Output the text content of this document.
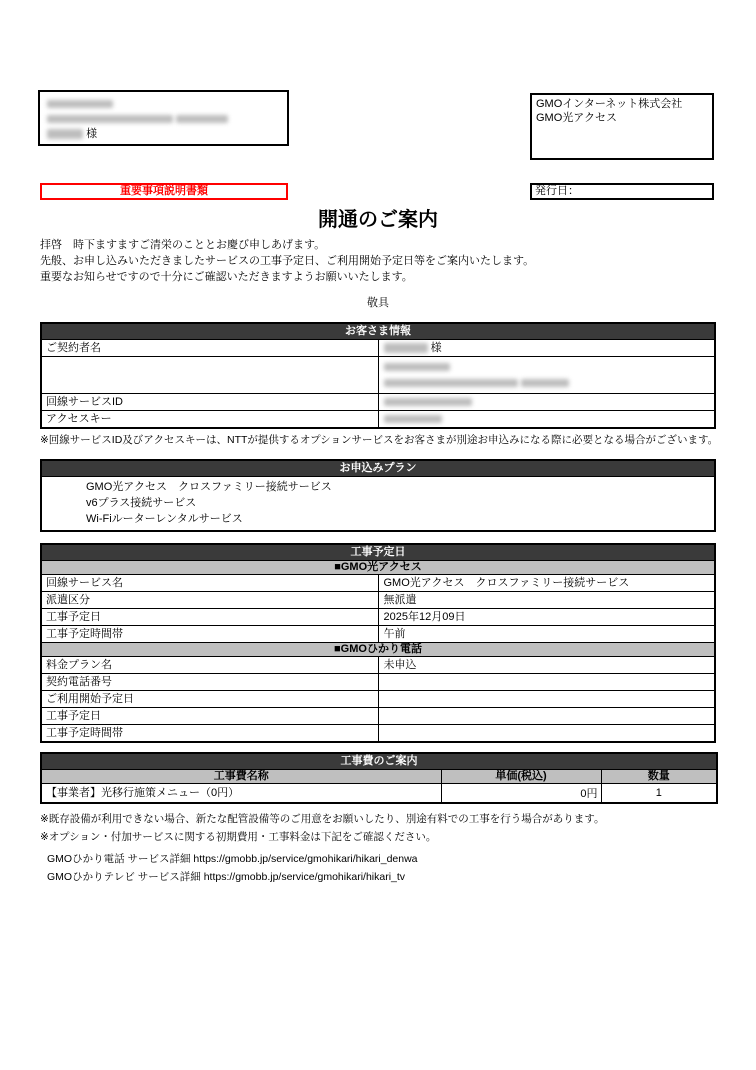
様
GMOインターネット株式会社
GMO光アクセス
重要事項説明書類	発行日：
開通のご案内
拝啓　時下ますますご清栄のこととお慶び申しあげます。
先般、お申し込みいただきましたサービスの工事予定日、ご利用開始予定日等をご案内いたします。
重要なお知らせですので十分にご確認いただきますようお願いいたします。
敬具
お客さま情報	
ご契約者名	様

回線サービスID	
アクセスキー	
※回線サービスID及びアクセスキーは、NTTが提供するオプションサービスをお客さまが別途お申込みになる際に必要となる場合がございます。
お申込みプラン

GMO光アクセス　クロスファミリー接続サービス
v6プラス接続サービス
Wi-Fiルーターレンタルサービス
工事予定日	
■GMO光アクセス	
回線サービス名	GMO光アクセス　クロスファミリー接続サービス
派遣区分	無派遣
工事予定日	2025年12月09日
工事予定時間帯	午前
■GMOひかり電話	
料金プラン名	未申込
契約電話番号	
ご利用開始予定日	
工事予定日	
工事予定時間帯	
工事費のご案内		
工事費名称	単価(税込)	数量
【事業者】光移行施策メニュー（0円）	0円	1
※既存設備が利用できない場合、新たな配管設備等のご用意をお願いしたり、別途有料での工事を行う場合があります。
※オプション・付加サービスに関する初期費用・工事料金は下記をご確認ください。
GMOひかり電話 サービス詳細 https://gmobb.jp/service/gmohikari/hikari_denwa
GMOひかりテレビ サービス詳細 https://gmobb.jp/service/gmohikari/hikari_tv
